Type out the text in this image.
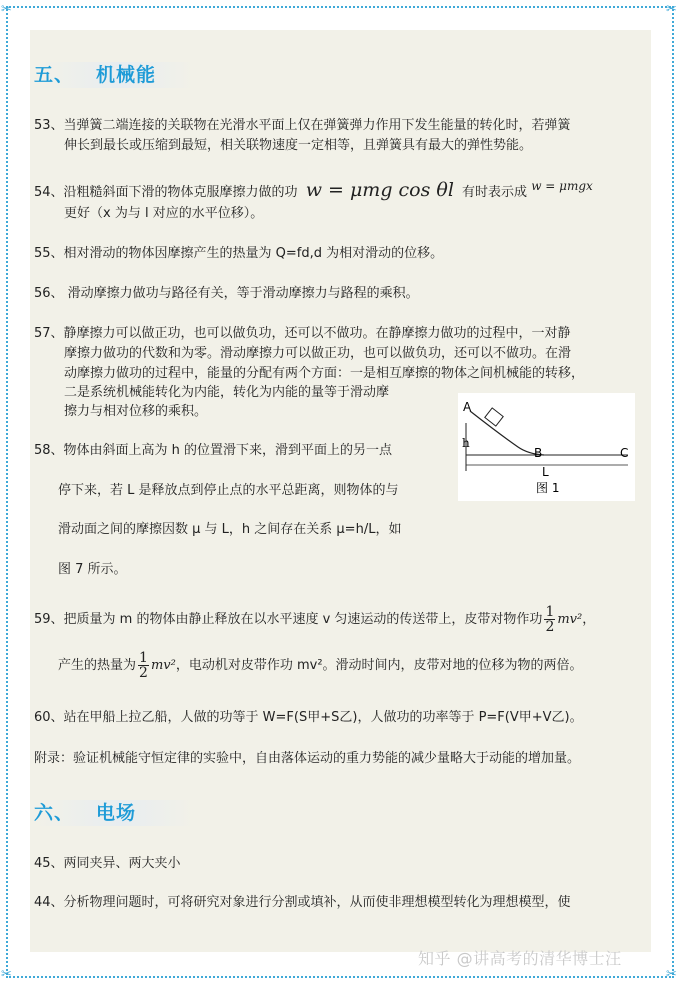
✂	✂
✂	✂
五、 机械能
53、当弹簧二端连接的关联物在光滑水平面上仅在弹簧弹力作用下发生能量的转化时，若弹簧
伸长到最长或压缩到最短，相关联物速度一定相等，且弹簧具有最大的弹性势能。
54、沿粗糙斜面下滑的物体克服摩擦力做的功 w = μmg cos θl 有时表示成 w = μmgx
更好（x 为与 l 对应的水平位移）。
55、相对滑动的物体因摩擦产生的热量为 Q=fd,d 为相对滑动的位移。
56、 滑动摩擦力做功与路径有关，等于滑动摩擦力与路程的乘积。
57、静摩擦力可以做正功，也可以做负功，还可以不做功。在静摩擦力做功的过程中，一对静
摩擦力做功的代数和为零。滑动摩擦力可以做正功，也可以做负功，还可以不做功。在滑
动摩擦力做功的过程中，能量的分配有两个方面：一是相互摩擦的物体之间机械能的转移，
二是系统机械能转化为内能，转化为内能的量等于滑动摩
擦力与相对位移的乘积。	A
h
B	C
L
图 1
58、物体由斜面上高为 h 的位置滑下来，滑到平面上的另一点
停下来，若 L 是释放点到停止点的水平总距离，则物体的与
滑动面之间的摩擦因数 μ 与 L，h 之间存在关系 μ=h/L，如
图 7 所示。
59、把质量为 m 的物体由静止释放在以水平速度 v 匀速运动的传送带上，皮带对物作功 $\frac{1}{2} mv^2$，
产生的热量为 $\frac{1}{2} mv^2$，电动机对皮带作功 mv²。滑动时间内，皮带对地的位移为物的两倍。
60、站在甲船上拉乙船，人做的功等于 W=F(S甲+S乙)，人做功的功率等于 P=F(V甲+V乙)。
附录：验证机械能守恒定律的实验中，自由落体运动的重力势能的减少量略大于动能的增加量。
六、 电场
45、两同夹异、两大夹小
44、分析物理问题时，可将研究对象进行分割或填补，从而使非理想模型转化为理想模型，使
知乎 @讲高考的清华博士汪
